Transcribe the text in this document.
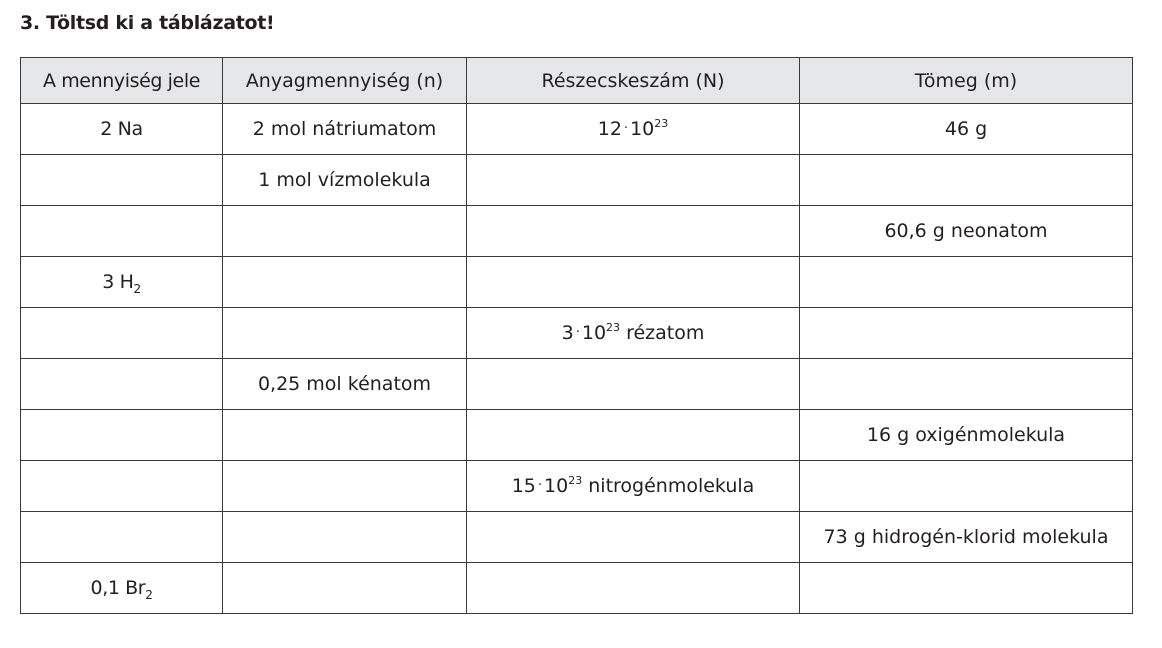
3. Töltsd ki a táblázatot!
A mennyiség jele	Anyagmennyiség (n)	Részecskeszám (N)	Tömeg (m)
2 Na	2 mol nátriumatom	$12 \cdot 10^{23}$	46 g
	1 mol vízmolekula		
			60,6 g neonatom
3 $H_2$			
		$3 \cdot 10^{23}$ rézatom	
	0,25 mol kénatom		
			16 g oxigénmolekula
		$15 \cdot 10^{23}$ nitrogénmolekula	
			73 g hidrogén-klorid molekula
0,1 $Br_2$			
